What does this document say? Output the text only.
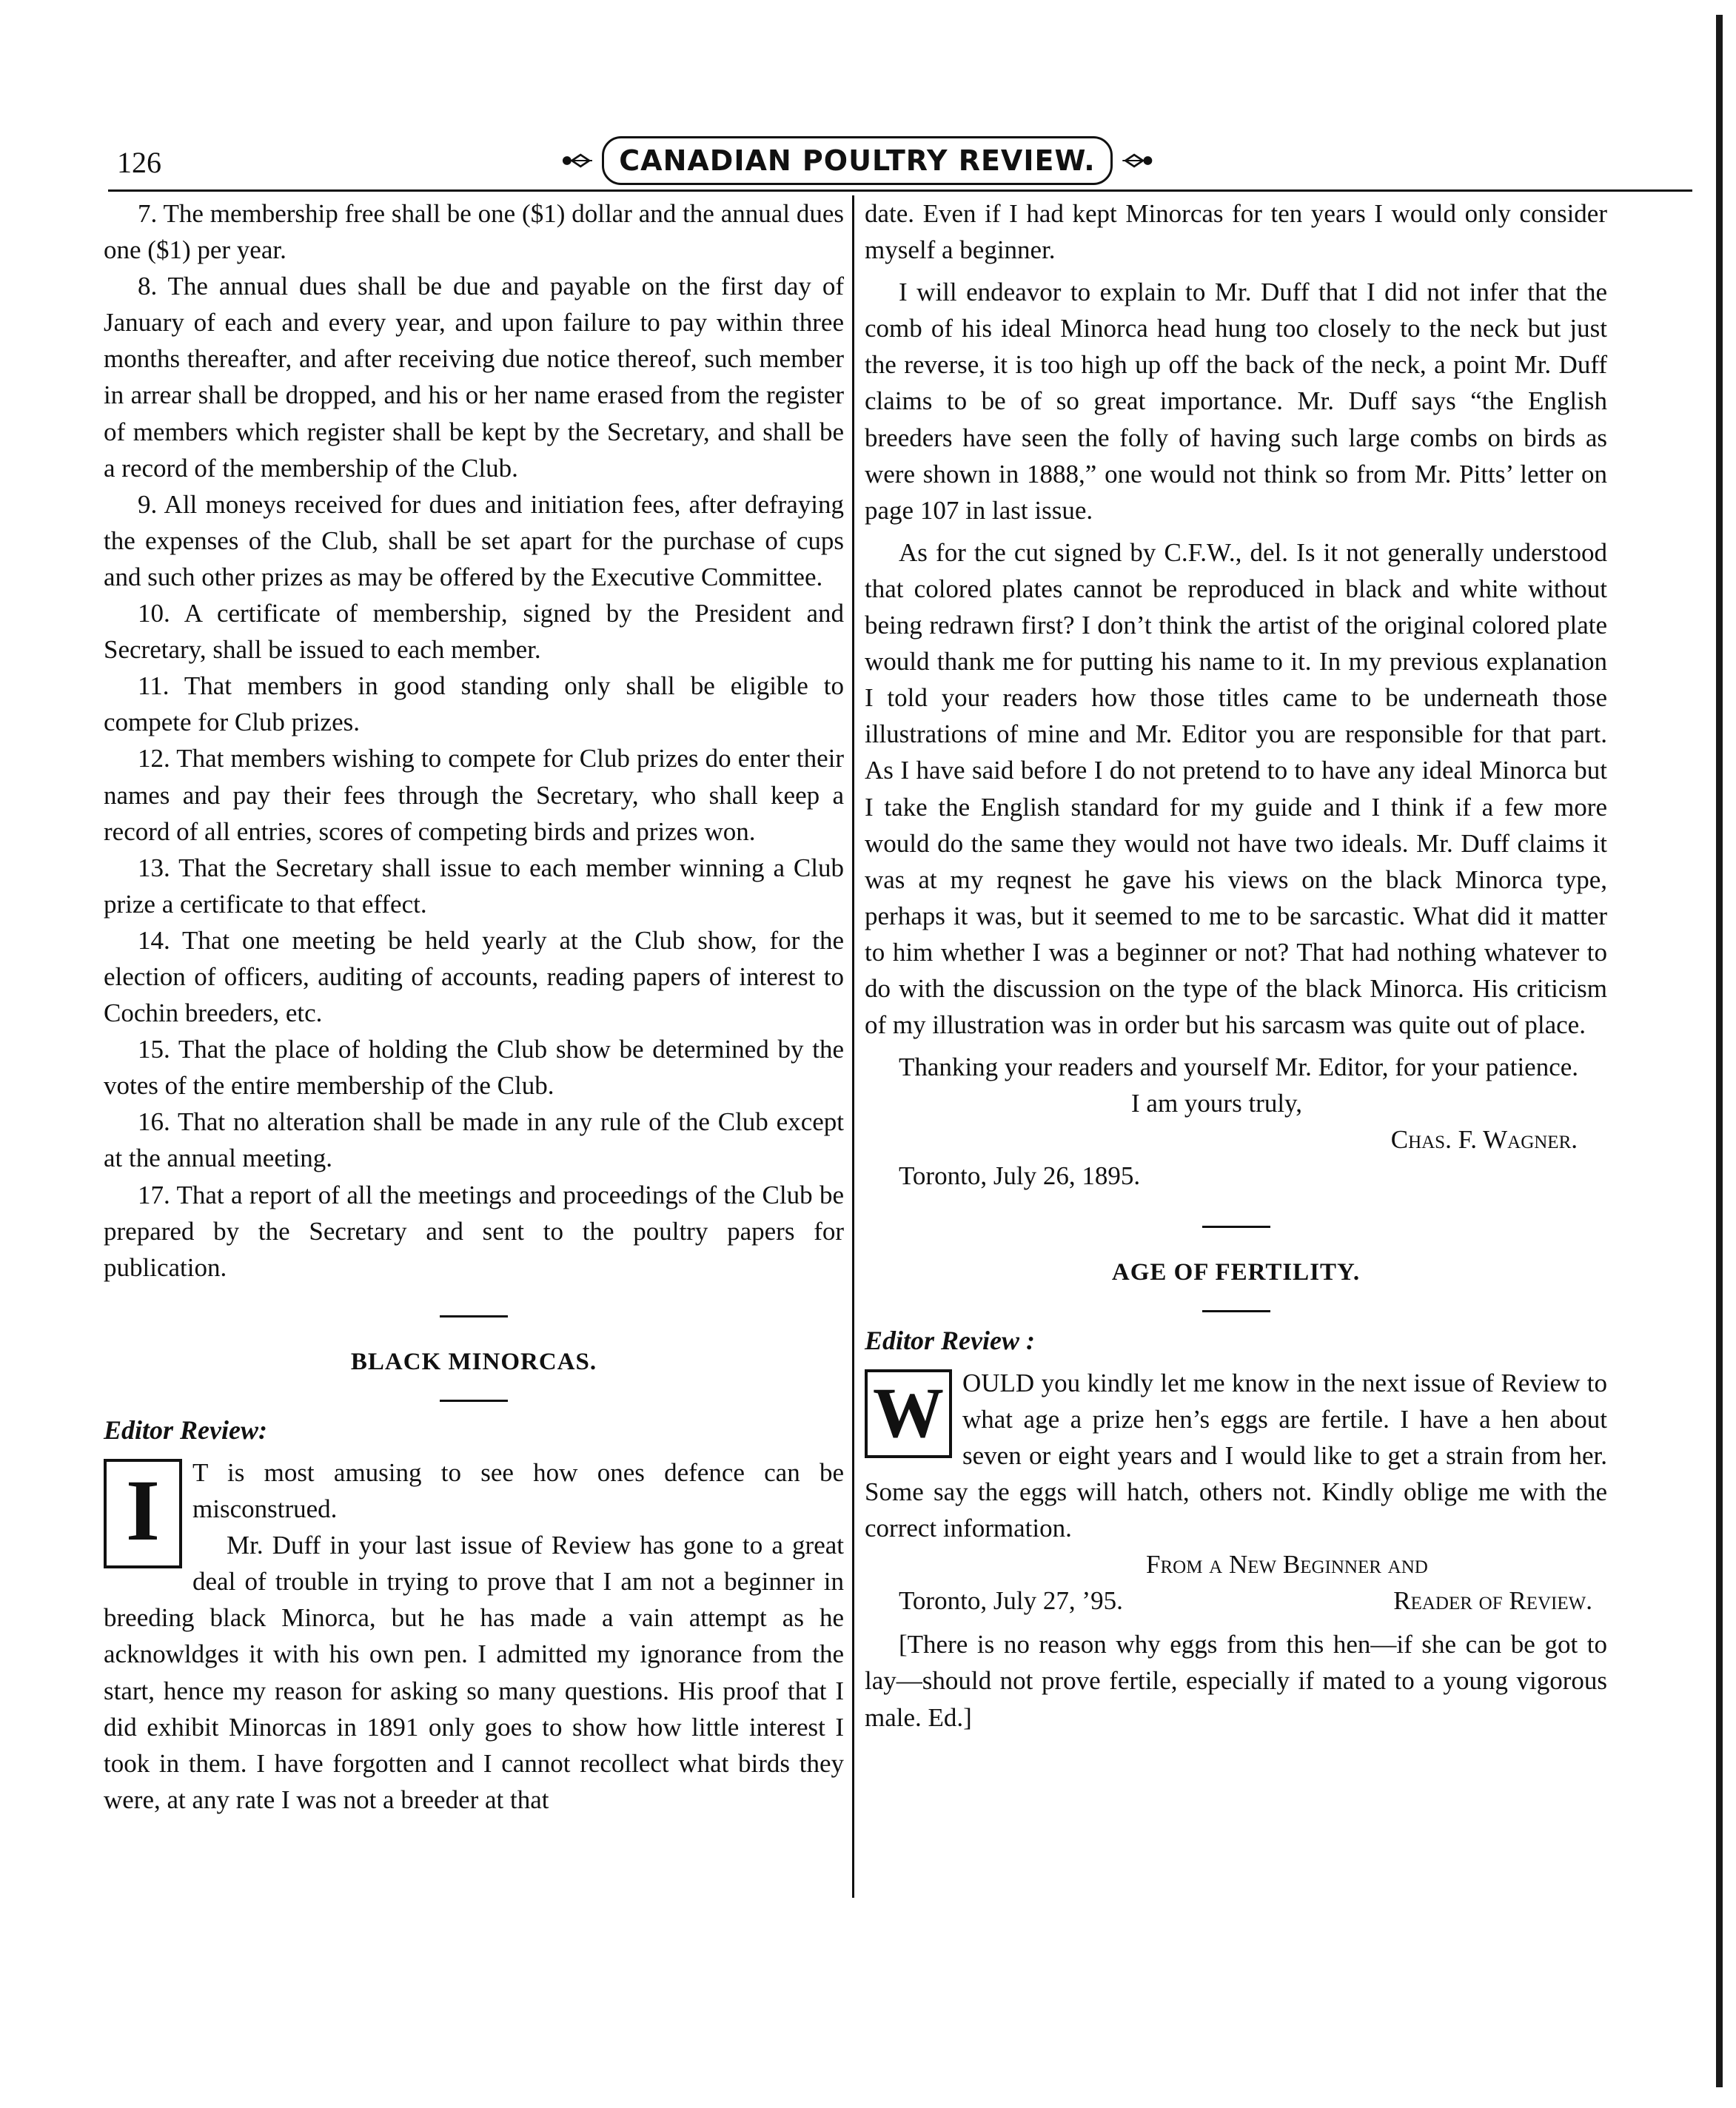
126	CANADIAN POULTRY REVIEW.

7. The membership free shall be one ($1) dollar and the annual dues one ($1) per year.

8. The annual dues shall be due and payable on the first day of January of each and every year, and upon failure to pay within three months thereafter, and after receiving due notice thereof, such member in arrear shall be dropped, and his or her name erased from the register of members which register shall be kept by the Secretary, and shall be a record of the membership of the Club.

9. All moneys received for dues and initiation fees, after defraying the expenses of the Club, shall be set apart for the purchase of cups and such other prizes as may be offered by the Executive Committee.

10. A certificate of membership, signed by the President and Secretary, shall be issued to each member.

11. That members in good standing only shall be eligible to compete for Club prizes.

12. That members wishing to compete for Club prizes do enter their names and pay their fees through the Secretary, who shall keep a record of all entries, scores of competing birds and prizes won.

13. That the Secretary shall issue to each member winning a Club prize a certificate to that effect.

14. That one meeting be held yearly at the Club show, for the election of officers, auditing of accounts, reading papers of interest to Cochin breeders, etc.

15. That the place of holding the Club show be determined by the votes of the entire membership of the Club.

16. That no alteration shall be made in any rule of the Club except at the annual meeting.

17. That a report of all the meetings and proceedings of the Club be prepared by the Secretary and sent to the poultry papers for publication.

BLACK MINORCAS.

Editor Review:

I	T is most amusing to see how ones defence can be misconstrued.

Mr. Duff in your last issue of Review has gone to a great deal of trouble in trying to prove that I am not a beginner in breeding black Minorca, but he has made a vain attempt as he acknowldges it with his own pen. I admitted my ignorance from the start, hence my reason for asking so many questions. His proof that I did exhibit Minorcas in 1891 only goes to show how little interest I took in them. I have forgotten and I cannot recollect what birds they were, at any rate I was not a breeder at that

date. Even if I had kept Minorcas for ten years I would only consider myself a beginner.

I will endeavor to explain to Mr. Duff that I did not infer that the comb of his ideal Minorca head hung too closely to the neck but just the reverse, it is too high up off the back of the neck, a point Mr. Duff claims to be of so great importance. Mr. Duff says “the English breeders have seen the folly of having such large combs on birds as were shown in 1888,” one would not think so from Mr. Pitts’ letter on page 107 in last issue.

As for the cut signed by C.F.W., del. Is it not generally understood that colored plates cannot be reproduced in black and white without being redrawn first? I don’t think the artist of the original colored plate would thank me for putting his name to it. In my previous explanation I told your readers how those titles came to be underneath those illustrations of mine and Mr. Editor you are responsible for that part. As I have said before I do not pretend to to have any ideal Minorca but I take the English standard for my guide and I think if a few more would do the same they would not have two ideals. Mr. Duff claims it was at my reqnest he gave his views on the black Minorca type, perhaps it was, but it seemed to me to be sarcastic. What did it matter to him whether I was a beginner or not? That had nothing whatever to do with the discussion on the type of the black Minorca. His criticism of my illustration was in order but his sarcasm was quite out of place.

Thanking your readers and yourself Mr. Editor, for your patience.

I am yours truly,

Chas. F. Wagner.

Toronto, July 26, 1895.

AGE OF FERTILITY.

Editor Review :

W OULD you kindly let me know in the next issue of Review to what age a prize hen’s eggs are fertile. I have a hen about seven or eight years and I would like to get a strain from her. Some say the eggs will hatch, others not. Kindly oblige me with the correct information.

From a New Beginner and

Toronto, July 27, ’95.	Reader of Review.

[There is no reason why eggs from this hen—if she can be got to lay—should not prove fertile, especially if mated to a young vigorous male. Ed.]
